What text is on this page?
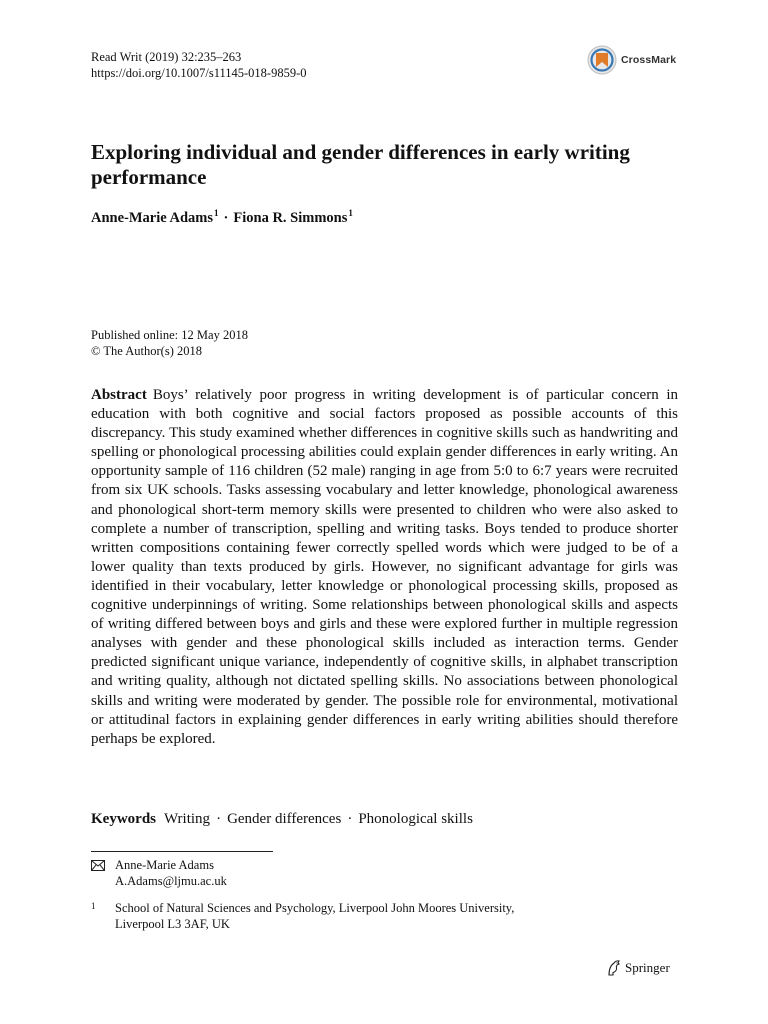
Read Writ (2019) 32:235–263
https://doi.org/10.1007/s11145-018-9859-0
CrossMark
Exploring individual and gender differences in early writing performance
Anne-Marie Adams$^1$ · Fiona R. Simmons$^1$
Published online: 12 May 2018
© The Author(s) 2018
Abstract Boys’ relatively poor progress in writing development is of particular concern in education with both cognitive and social factors proposed as possible accounts of this discrepancy. This study examined whether differences in cognitive skills such as handwriting and spelling or phonological processing abilities could explain gender differences in early writing. An opportunity sample of 116 children (52 male) ranging in age from 5:0 to 6:7 years were recruited from six UK schools. Tasks assessing vocabulary and letter knowledge, phonological awareness and phonological short-term memory skills were presented to children who were also asked to complete a number of transcription, spelling and writing tasks. Boys tended to produce shorter written compositions containing fewer correctly spelled words which were judged to be of a lower quality than texts produced by girls. However, no significant advantage for girls was identified in their vocabulary, letter knowledge or phonological processing skills, proposed as cognitive underpinnings of writing. Some relationships between phonological skills and aspects of writing differed between boys and girls and these were explored further in multiple regression analyses with gender and these phonological skills included as interaction terms. Gender predicted significant unique variance, independently of cognitive skills, in alphabet transcription and writing quality, although not dictated spelling skills. No associations between phonological skills and writing were moderated by gender. The possible role for environmental, motivational or attitudinal factors in explaining gender differences in early writing abilities should therefore perhaps be explored.
Keywords Writing · Gender differences · Phonological skills
Anne-Marie Adams
A.Adams@ljmu.ac.uk
1	School of Natural Sciences and Psychology, Liverpool John Moores University,
Liverpool L3 3AF, UK
Springer
